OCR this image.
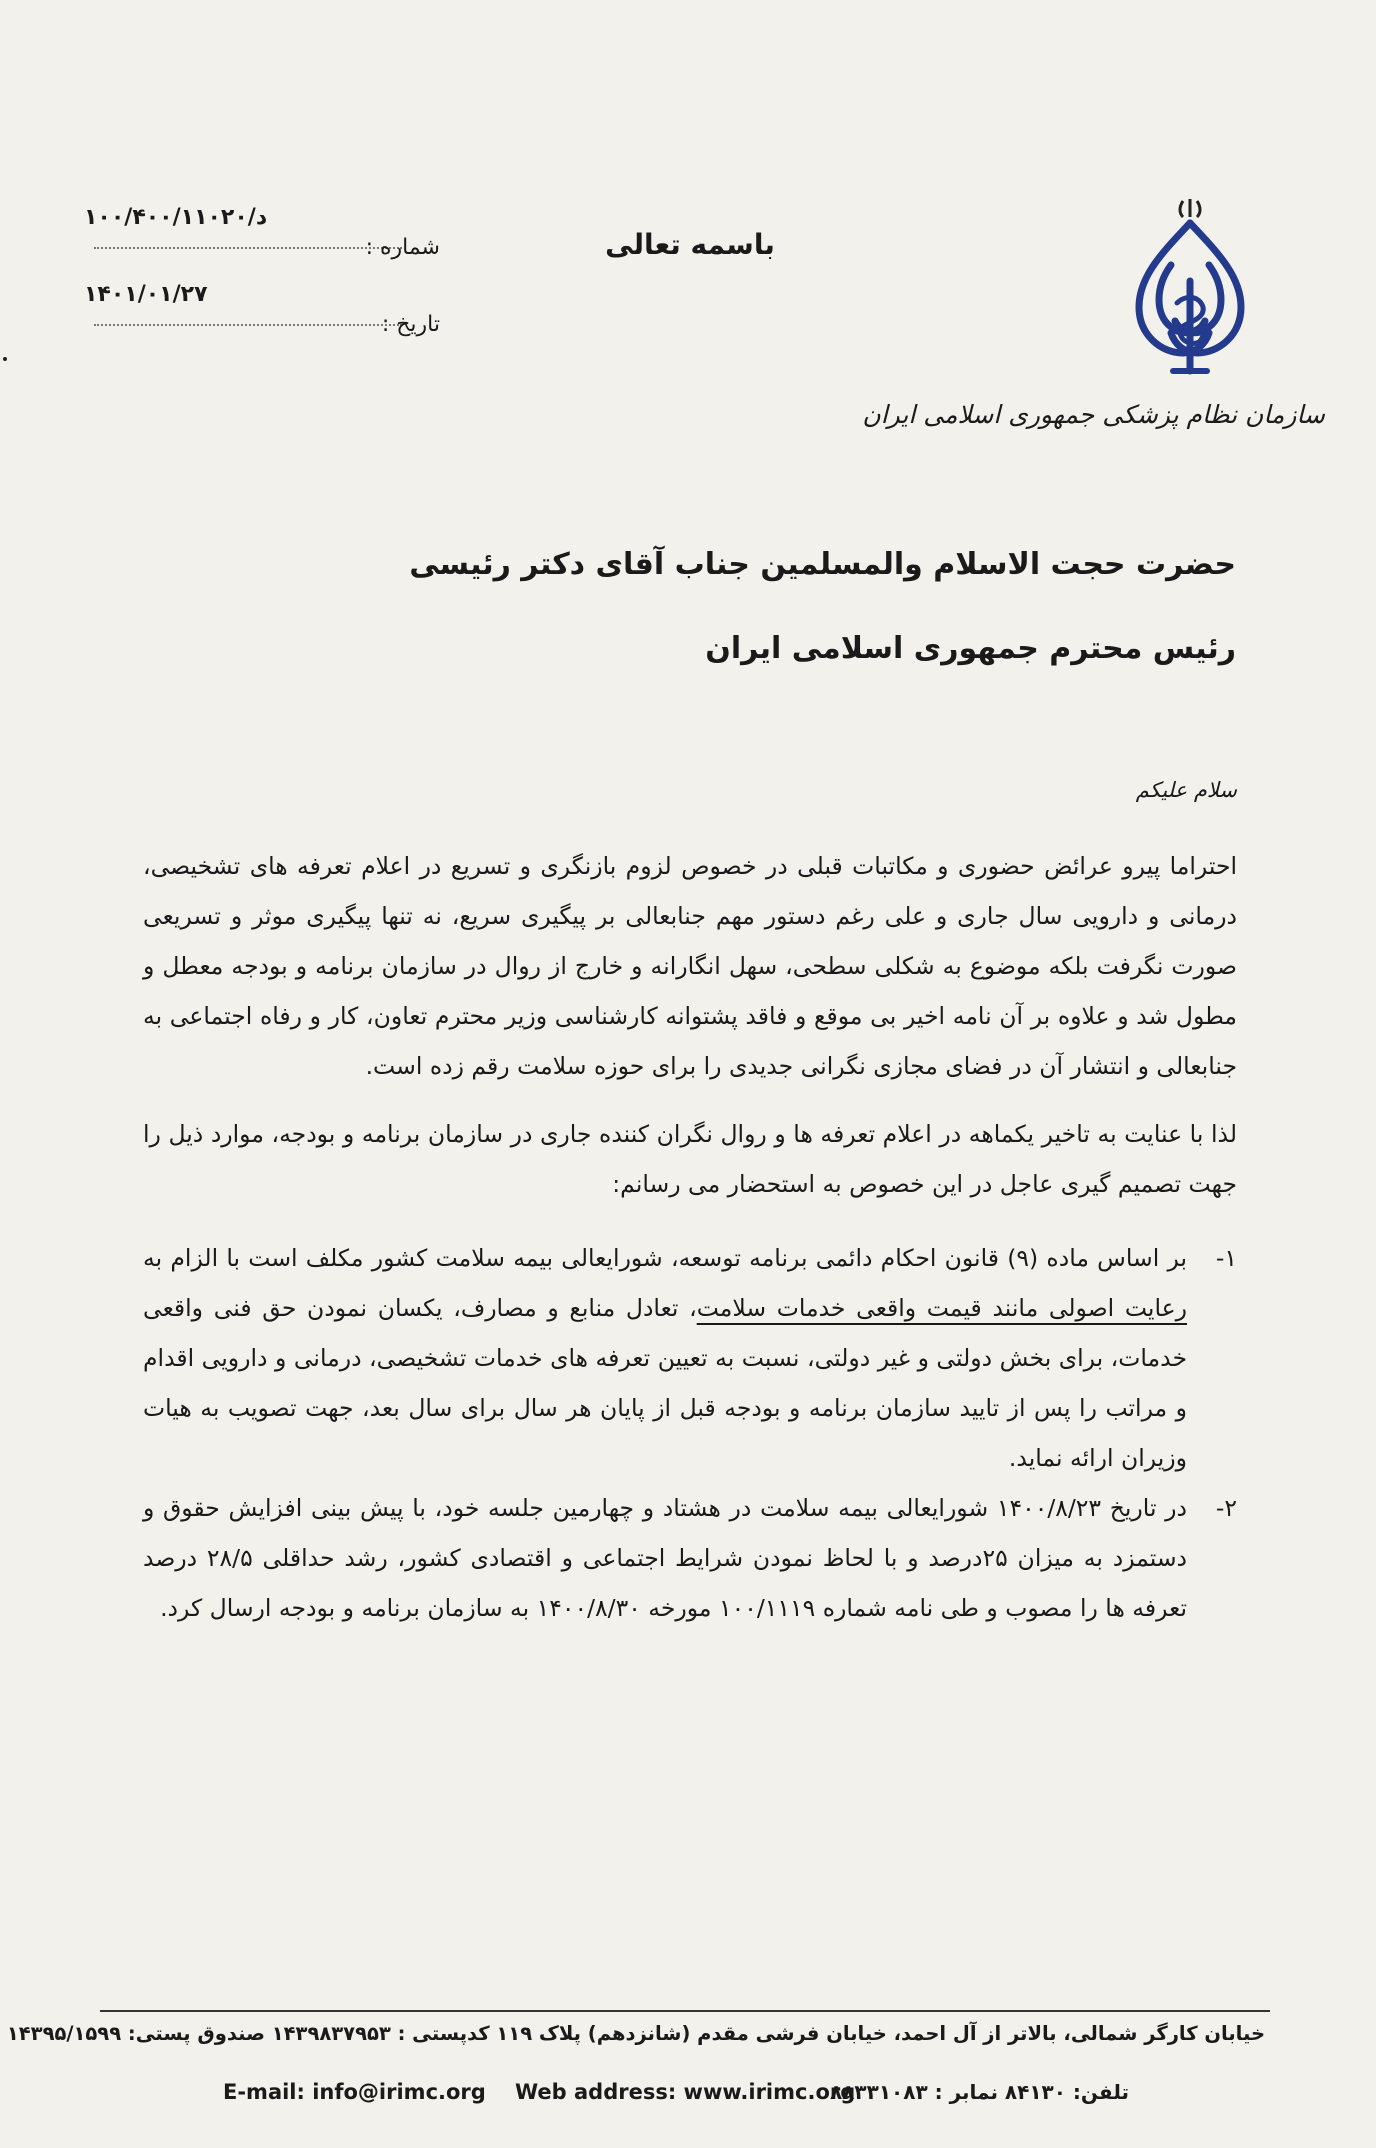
سازمان نظام پزشکی جمهوری اسلامی ایران
باسمه تعالی
د/۱۰۰/۴۰۰/۱۱۰۲۰
شماره :
۱۴۰۱/۰۱/۲۷
تاریخ :
حضرت حجت الاسلام والمسلمین جناب آقای دکتر رئیسی
رئیس محترم جمهوری اسلامی ایران
سلام علیکم

احتراما پیرو عرائض حضوری و مکاتبات قبلی در خصوص لزوم بازنگری و تسریع در اعلام تعرفه های تشخیصی، درمانی و دارویی سال جاری و علی رغم دستور مهم جنابعالی بر پیگیری سریع، نه تنها پیگیری موثر و تسریعی صورت نگرفت بلکه موضوع به شکلی سطحی، سهل انگارانه و خارج از روال در سازمان برنامه و بودجه معطل و مطول شد و علاوه بر آن نامه اخیر بی موقع و فاقد پشتوانه کارشناسی وزیر محترم تعاون، کار و رفاه اجتماعی به جنابعالی و انتشار آن در فضای مجازی نگرانی جدیدی را برای حوزه سلامت رقم زده است.

لذا با عنایت به تاخیر یکماهه در اعلام تعرفه ها و روال نگران کننده جاری در سازمان برنامه و بودجه، موارد ذیل را جهت تصمیم گیری عاجل در این خصوص به استحضار می رسانم:

۱-
بر اساس ماده (۹) قانون احکام دائمی برنامه توسعه، شورایعالی بیمه سلامت کشور مکلف است با الزام به رعایت اصولی مانند قیمت واقعی خدمات سلامت، تعادل منابع و مصارف، یکسان نمودن حق فنی واقعی خدمات، برای بخش دولتی و غیر دولتی، نسبت به تعیین تعرفه های خدمات تشخیصی، درمانی و دارویی اقدام و مراتب را پس از تایید سازمان برنامه و بودجه قبل از پایان هر سال برای سال بعد، جهت تصویب به هیات وزیران ارائه نماید.
۲-
در تاریخ ۱۴۰۰/۸/۲۳ شورایعالی بیمه سلامت در هشتاد و چهارمین جلسه خود، با پیش بینی افزایش حقوق و دستمزد به میزان ۲۵درصد و با لحاظ نمودن شرایط اجتماعی و اقتصادی کشور، رشد حداقلی ۲۸/۵ درصد تعرفه ها را مصوب و طی نامه شماره ۱۰۰/۱۱۱۹ مورخه ۱۴۰۰/۸/۳۰ به سازمان برنامه و بودجه ارسال کرد.
خیابان کارگر شمالی، بالاتر از آل احمد، خیابان فرشی مقدم (شانزدهم) پلاک ۱۱۹ کدپستی : ۱۴۳۹۸۳۷۹۵۳ صندوق پستی: ۱۴۳۹۵/۱۵۹۹
E-mail: info@irimc.org Web address: www.irimc.org
تلفن: ۸۴۱۳۰ نمابر : ۸۸۳۳۱۰۸۳
